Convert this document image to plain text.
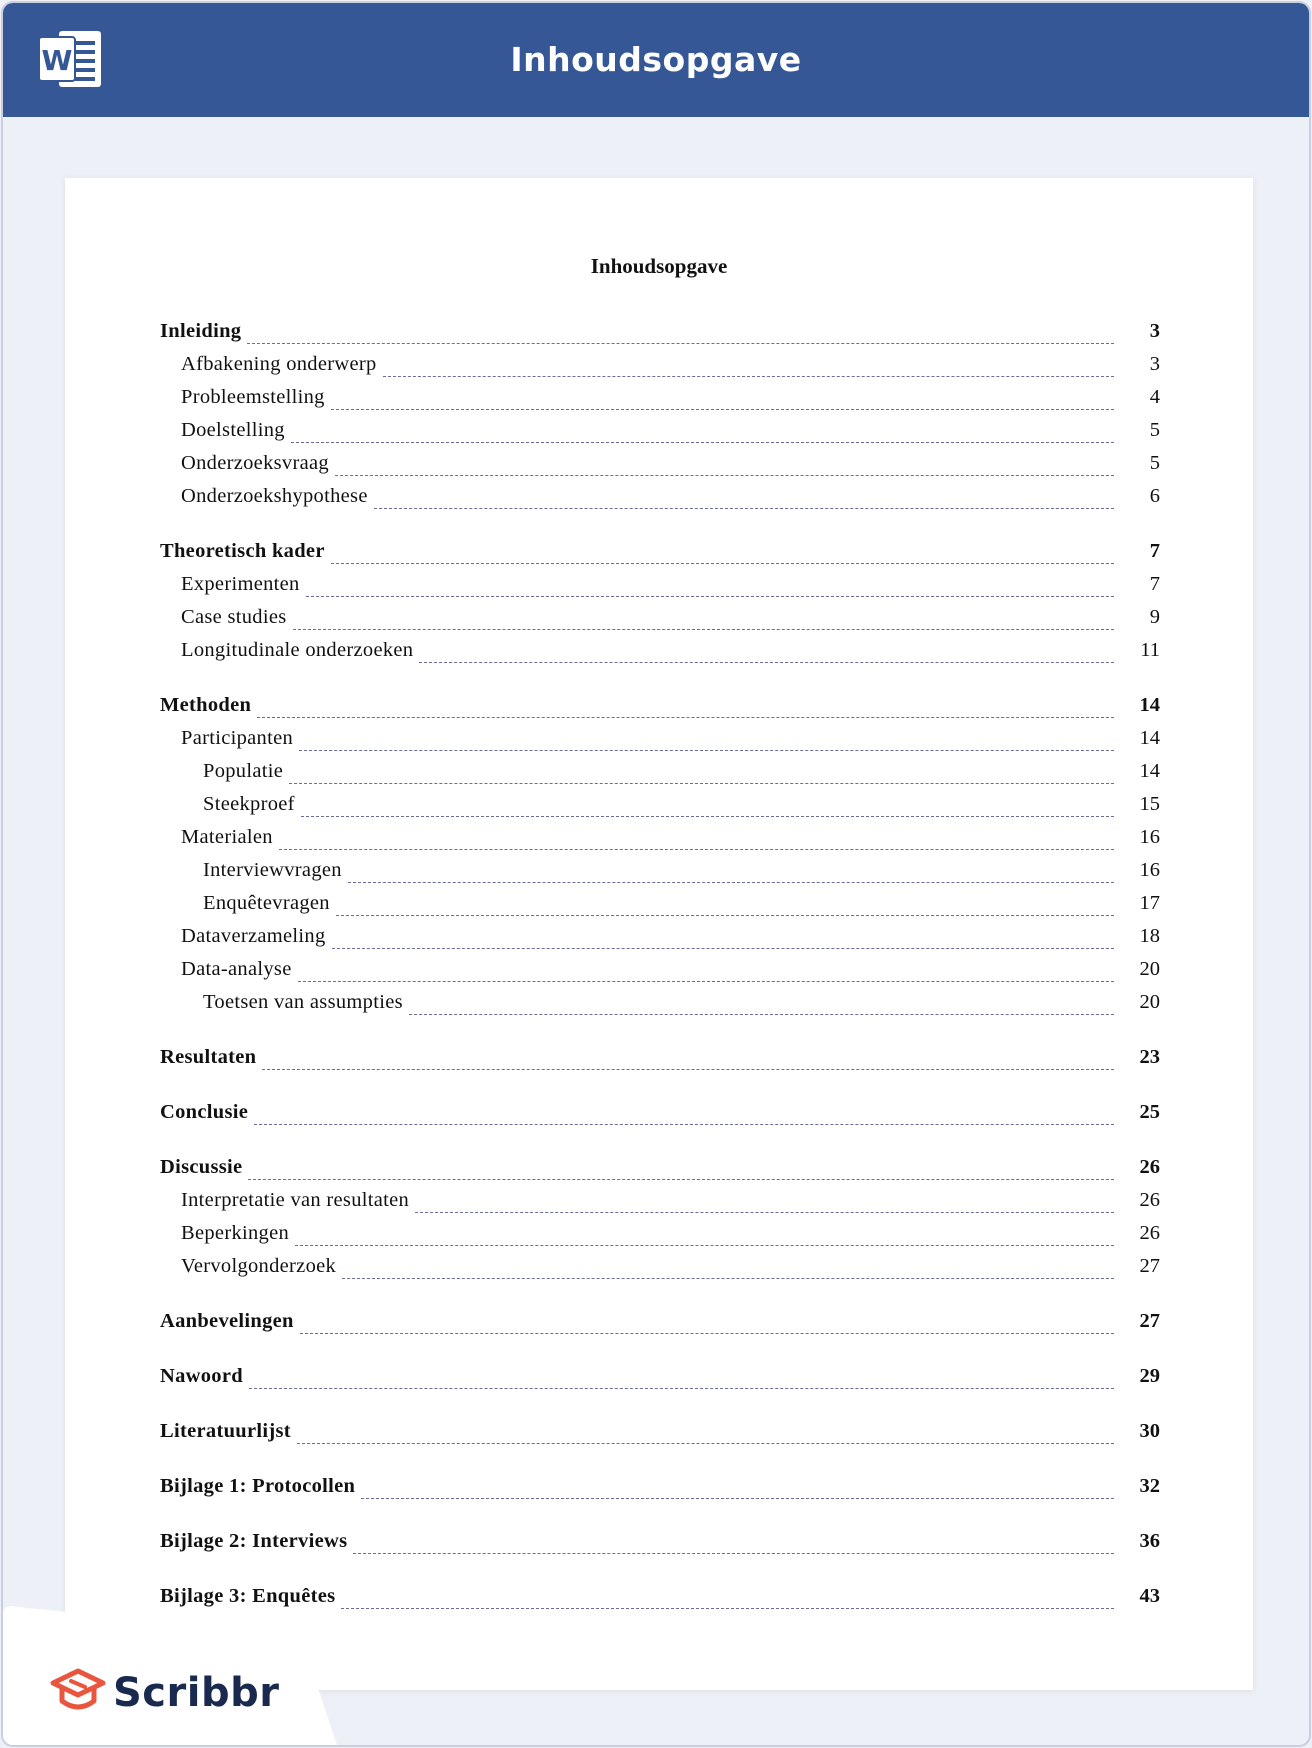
W	Inhoudsopgave
Inhoudsopgave
Inleiding	3
Afbakening onderwerp	3
Probleemstelling	4
Doelstelling	5
Onderzoeksvraag	5
Onderzoekshypothese	6
Theoretisch kader	7
Experimenten	7
Case studies	9
Longitudinale onderzoeken	11
Methoden	14
Participanten	14
Populatie	14
Steekproef	15
Materialen	16
Interviewvragen	16
Enquêtevragen	17
Dataverzameling	18
Data-analyse	20
Toetsen van assumpties	20
Resultaten	23
Conclusie	25
Discussie	26
Interpretatie van resultaten	26
Beperkingen	26
Vervolgonderzoek	27
Aanbevelingen	27
Nawoord	29
Literatuurlijst	30
Bijlage 1: Protocollen	32
Bijlage 2: Interviews	36
Bijlage 3: Enquêtes	43
Scribbr
